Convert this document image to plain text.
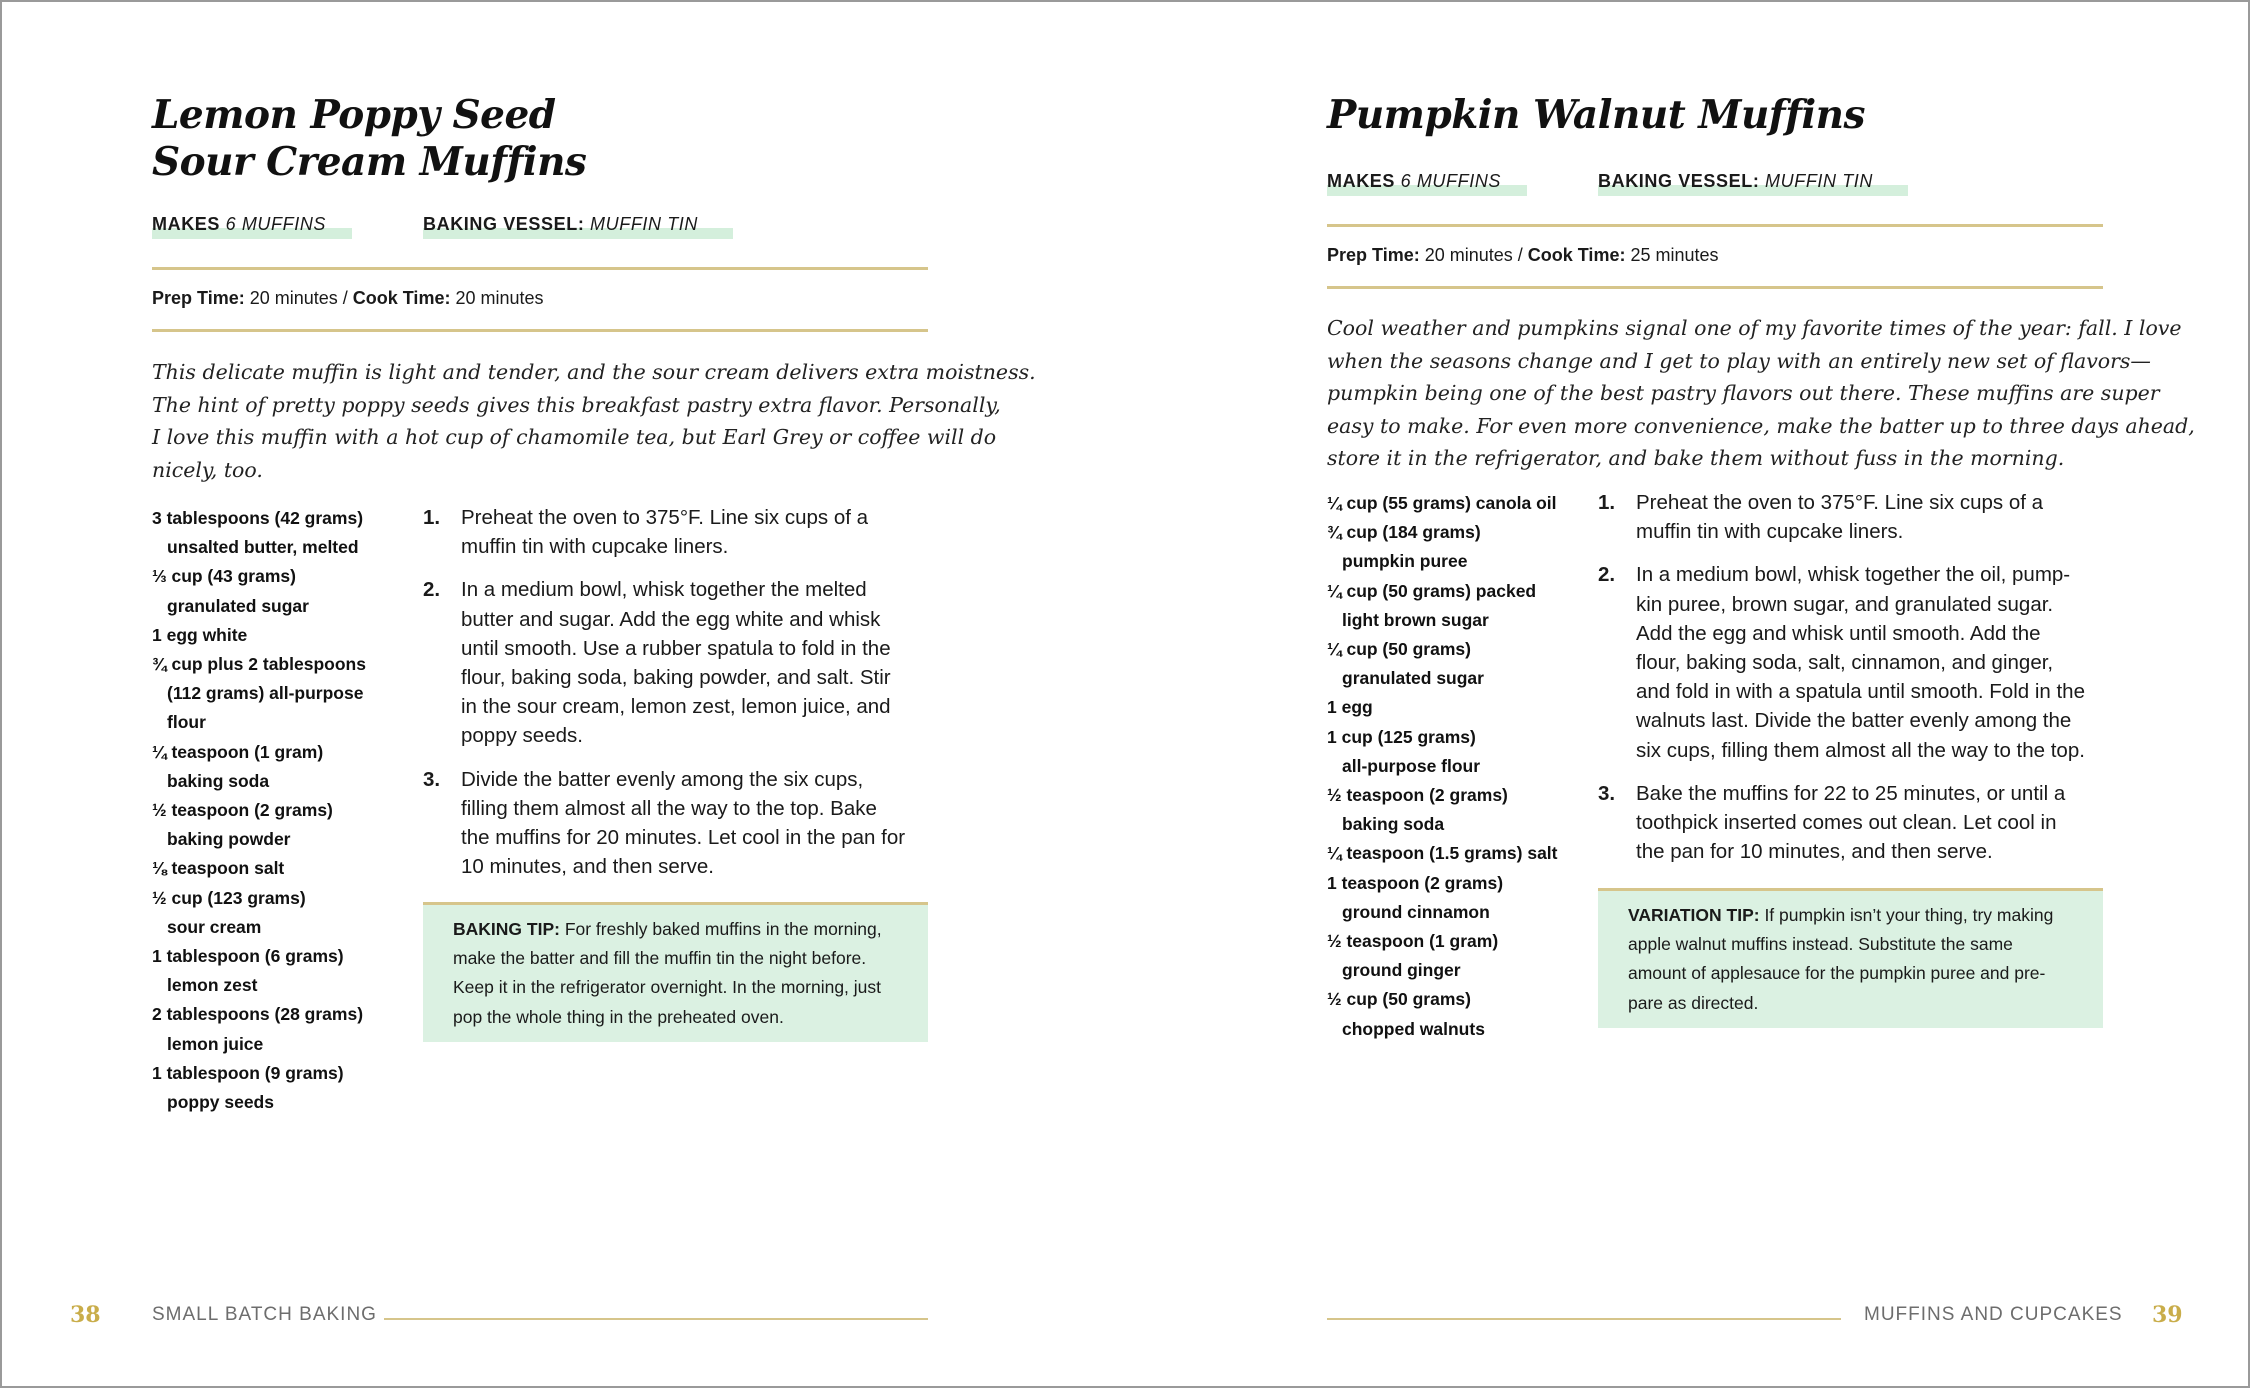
Lemon Poppy Seed
Sour Cream Muffins
MAKES 6 MUFFINS	BAKING VESSEL: MUFFIN TIN
Prep Time: 20 minutes / Cook Time: 20 minutes
This delicate muffin is light and tender, and the sour cream delivers extra moistness.
The hint of pretty poppy seeds gives this breakfast pastry extra flavor. Personally,
I love this muffin with a hot cup of chamomile tea, but Earl Grey or coffee will do
nicely, too.
3 tablespoons (42 grams)
unsalted butter, melted
⅓ cup (43 grams)
granulated sugar
1 egg white
¾ cup plus 2 tablespoons
(112 grams) all-purpose
flour
¼ teaspoon (1 gram)
baking soda
½ teaspoon (2 grams)
baking powder
⅛ teaspoon salt
½ cup (123 grams)
sour cream
1 tablespoon (6 grams)
lemon zest
2 tablespoons (28 grams)
lemon juice
1 tablespoon (9 grams)
poppy seeds
1. Preheat the oven to 375°F. Line six cups of a
muffin tin with cupcake liners.
2. In a medium bowl, whisk together the melted
butter and sugar. Add the egg white and whisk
until smooth. Use a rubber spatula to fold in the
flour, baking soda, baking powder, and salt. Stir
in the sour cream, lemon zest, lemon juice, and
poppy seeds.
3. Divide the batter evenly among the six cups,
filling them almost all the way to the top. Bake
the muffins for 20 minutes. Let cool in the pan for
10 minutes, and then serve.
BAKING TIP: For freshly baked muffins in the morning,
make the batter and fill the muffin tin the night before.
Keep it in the refrigerator overnight. In the morning, just
pop the whole thing in the preheated oven.
Pumpkin Walnut Muffins
MAKES 6 MUFFINS	BAKING VESSEL: MUFFIN TIN
Prep Time: 20 minutes / Cook Time: 25 minutes
Cool weather and pumpkins signal one of my favorite times of the year: fall. I love
when the seasons change and I get to play with an entirely new set of flavors—
pumpkin being one of the best pastry flavors out there. These muffins are super
easy to make. For even more convenience, make the batter up to three days ahead,
store it in the refrigerator, and bake them without fuss in the morning.
¼ cup (55 grams) canola oil
¾ cup (184 grams)
pumpkin puree
¼ cup (50 grams) packed
light brown sugar
¼ cup (50 grams)
granulated sugar
1 egg
1 cup (125 grams)
all-purpose flour
½ teaspoon (2 grams)
baking soda
¼ teaspoon (1.5 grams) salt
1 teaspoon (2 grams)
ground cinnamon
½ teaspoon (1 gram)
ground ginger
½ cup (50 grams)
chopped walnuts
1. Preheat the oven to 375°F. Line six cups of a
muffin tin with cupcake liners.
2. In a medium bowl, whisk together the oil, pump-
kin puree, brown sugar, and granulated sugar.
Add the egg and whisk until smooth. Add the
flour, baking soda, salt, cinnamon, and ginger,
and fold in with a spatula until smooth. Fold in the
walnuts last. Divide the batter evenly among the
six cups, filling them almost all the way to the top.
3. Bake the muffins for 22 to 25 minutes, or until a
toothpick inserted comes out clean. Let cool in
the pan for 10 minutes, and then serve.
VARIATION TIP: If pumpkin isn’t your thing, try making
apple walnut muffins instead. Substitute the same
amount of applesauce for the pumpkin puree and pre-
pare as directed.
38	SMALL BATCH BAKING	MUFFINS AND CUPCAKES 39
